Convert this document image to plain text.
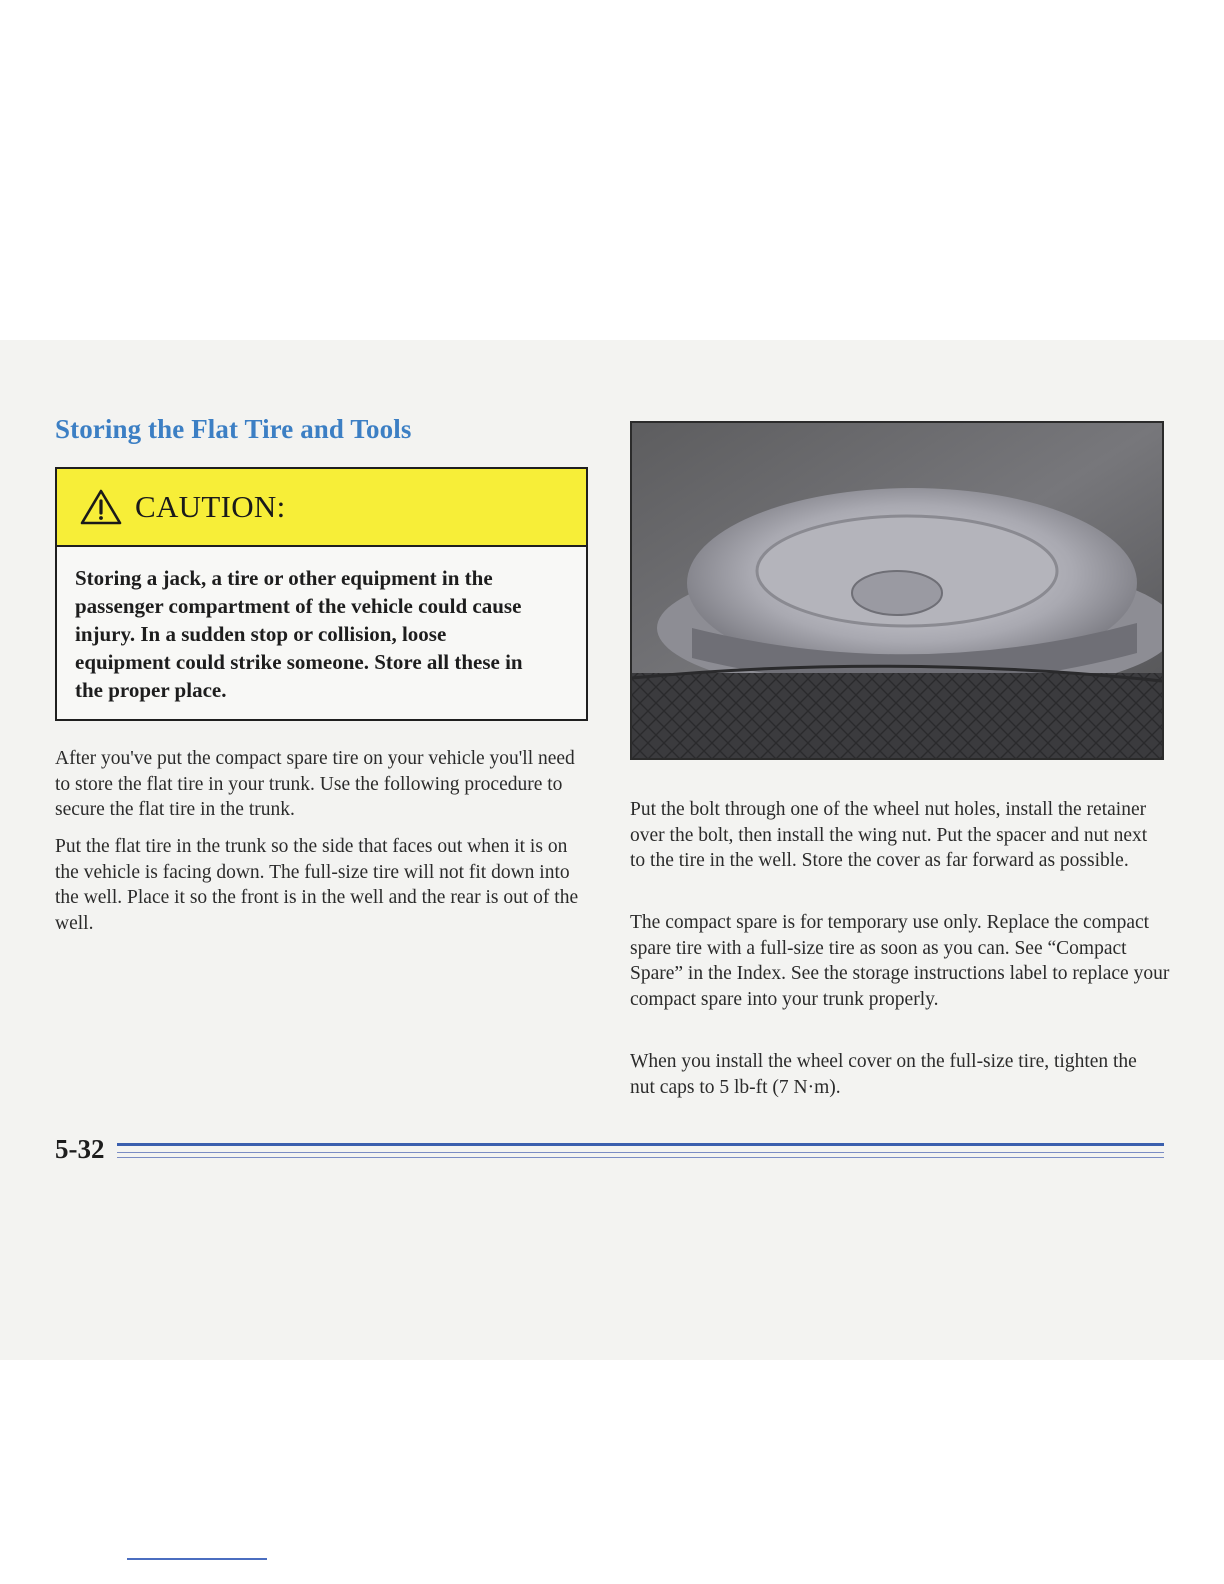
Storing the Flat Tire and Tools
CAUTION:

Storing a jack, a tire or other equipment in the passenger compartment of the vehicle could cause injury. In a sudden stop or collision, loose equipment could strike someone. Store all these in the proper place.

After you've put the compact spare tire on your vehicle you'll need to store the flat tire in your trunk. Use the following procedure to secure the flat tire in the trunk.

Put the flat tire in the trunk so the side that faces out when it is on the vehicle is facing down. The full-size tire will not fit down into the well. Place it so the front is in the well and the rear is out of the well.

Put the bolt through one of the wheel nut holes, install the retainer over the bolt, then install the wing nut. Put the spacer and nut next to the tire in the well. Store the cover as far forward as possible.

The compact spare is for temporary use only. Replace the compact spare tire with a full-size tire as soon as you can. See “Compact Spare” in the Index. See the storage instructions label to replace your compact spare into your trunk properly.

When you install the wheel cover on the full-size tire, tighten the nut caps to 5 lb-ft (7 N·m).

5-32
